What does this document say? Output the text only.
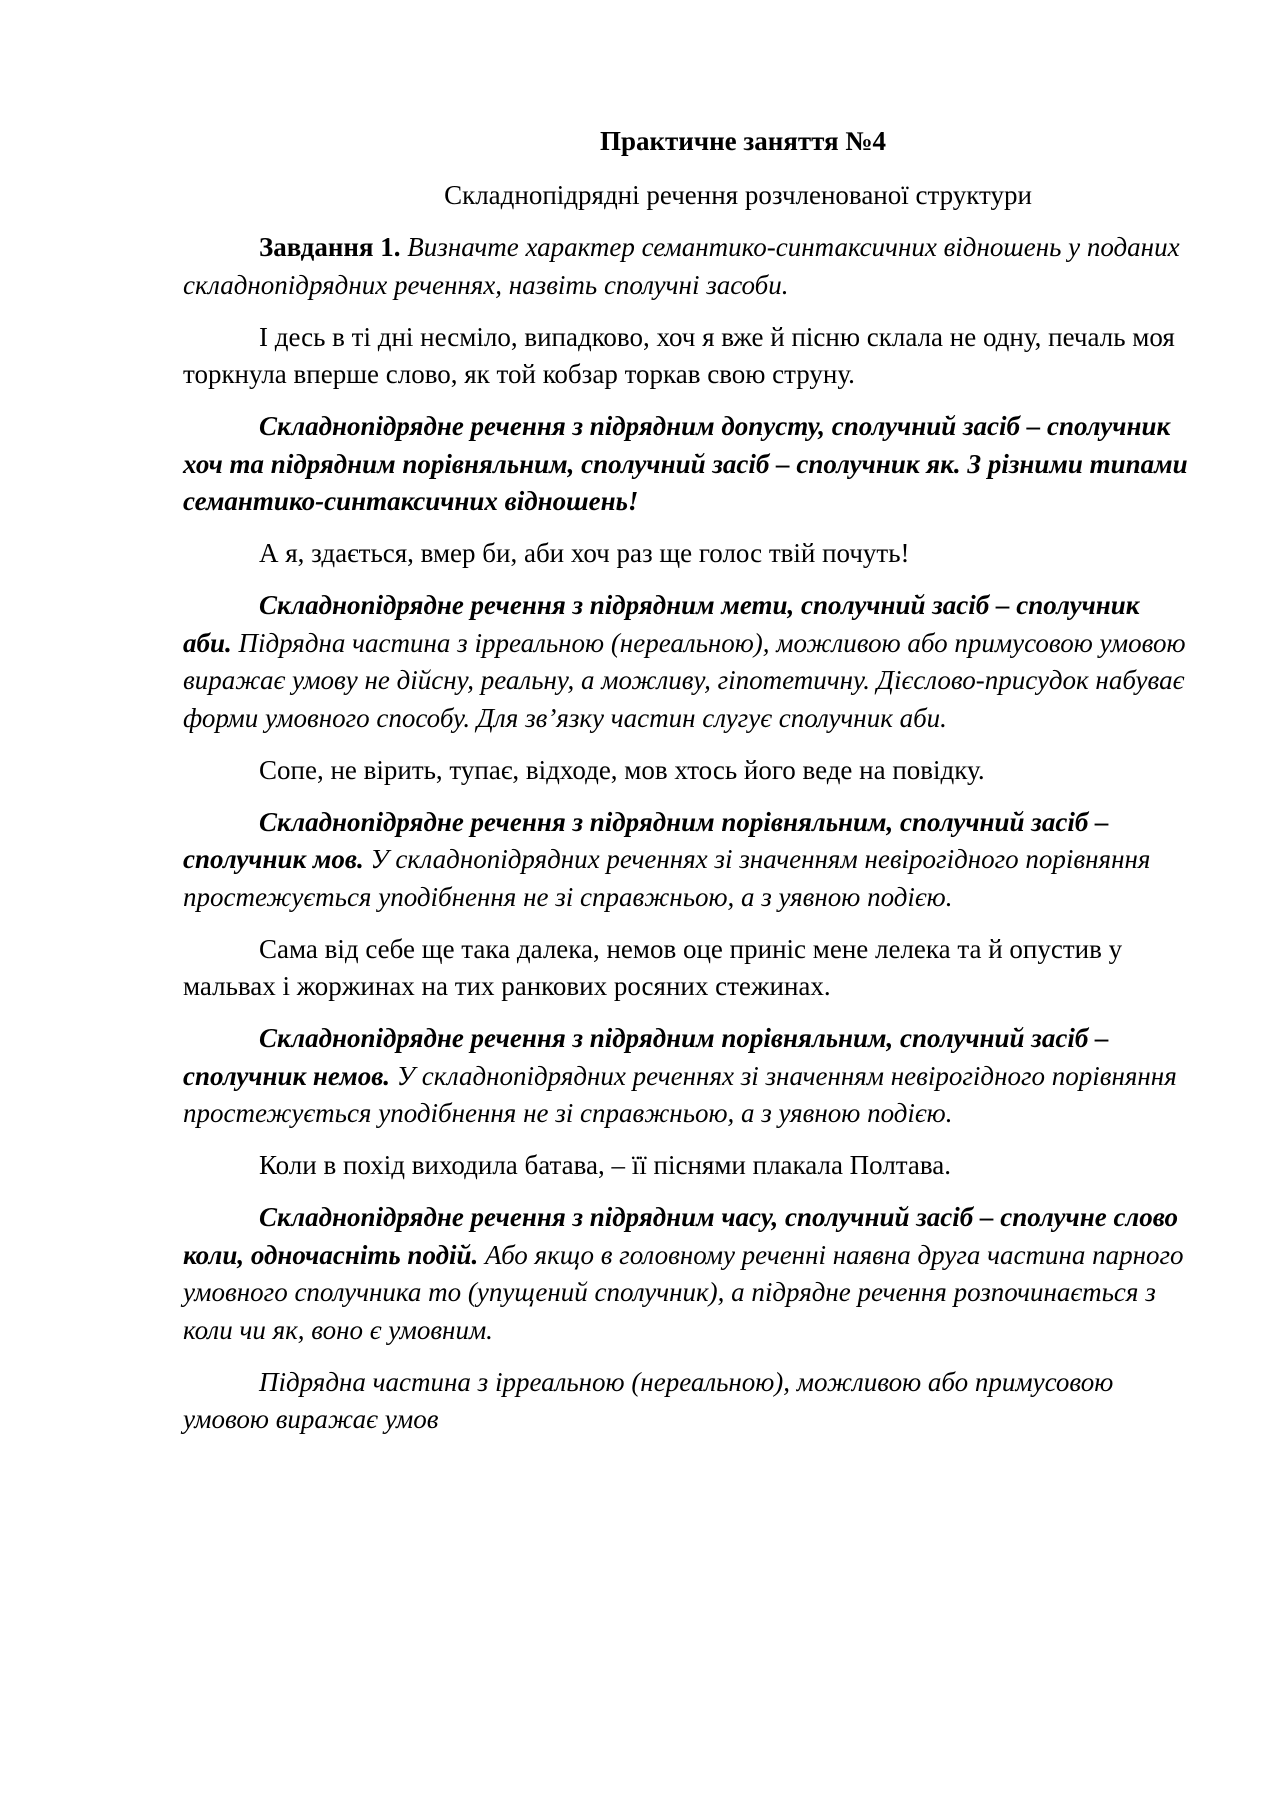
Практичне заняття №4
Складнопідрядні речення розчленованої структури

Завдання 1. Визначте характер семантико-синтаксичних відношень у поданих складнопідрядних реченнях, назвіть сполучні засоби.

І десь в ті дні несміло, випадково, хоч я вже й пісню склала не одну, печаль моя торкнула вперше слово, як той кобзар торкав свою струну.

Складнопідрядне речення з підрядним допусту, сполучний засіб – сполучник хоч та підрядним порівняльним, сполучний засіб – сполучник як. З різними типами семантико-синтаксичних відношень!

А я, здається, вмер би, аби хоч раз ще голос твій почуть!

Складнопідрядне речення з підрядним мети, сполучний засіб – сполучник аби. Підрядна частина з ірреальною (нереальною), можливою або примусовою умовою виражає умову не дійсну, реальну, а можливу, гіпотетичну. Дієслово-присудок набуває форми умовного способу. Для зв’язку частин слугує сполучник аби.

Сопе, не вірить, тупає, відходе, мов хтось його веде на повідку.

Складнопідрядне речення з підрядним порівняльним, сполучний засіб – сполучник мов. У складнопідрядних реченнях зі значенням невірогідного порівняння простежується уподібнення не зі справжньою, а з уявною подією.

Сама від себе ще така далека, немов оце приніс мене лелека та й опустив у мальвах і жоржинах на тих ранкових росяних стежинах.

Складнопідрядне речення з підрядним порівняльним, сполучний засіб – сполучник немов. У складнопідрядних реченнях зі значенням невірогідного порівняння простежується уподібнення не зі справжньою, а з уявною подією.

Коли в похід виходила батава, – її піснями плакала Полтава.

Складнопідрядне речення з підрядним часу, сполучний засіб – сполучне слово коли, одночаснiть подій. Або якщо в головному реченні наявна друга частина парного умовного сполучника то (упущений сполучник), а підрядне речення розпочинається з коли чи як, воно є умовним.

Підрядна частина з ірреальною (нереальною), можливою або примусовою умовою виражає умов
